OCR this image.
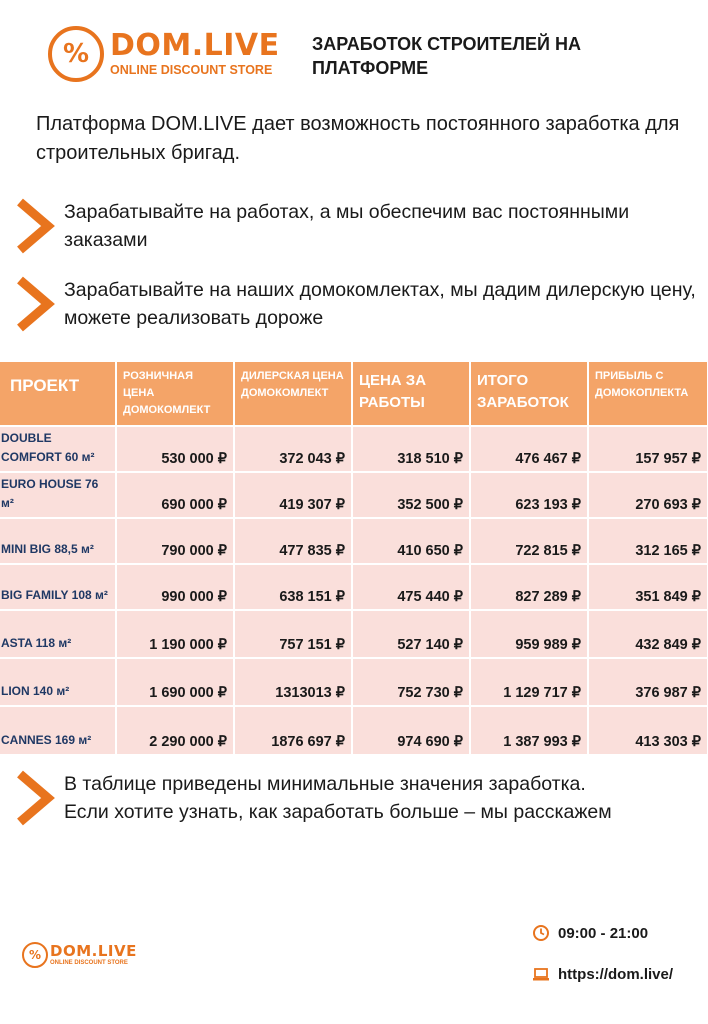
% DOM.LIVE
ONLINE DISCOUNT STORE
ЗАРАБОТОК СТРОИТЕЛЕЙ НА ПЛАТФОРМЕ
Платформа DOM.LIVE дает возможность постоянного заработка для строительных бригад.
Зарабатывайте на работах, а мы обеспечим вас постоянными заказами
Зарабатывайте на наших домокомлектах, мы дадим дилерскую цену, можете реализовать дороже
ПРОЕКТ	РОЗНИЧНАЯ ЦЕНА ДОМОКОМЛЕКТ	ДИЛЕРСКАЯ ЦЕНА ДОМОКОМЛЕКТ	ЦЕНА ЗА РАБОТЫ	ИТОГО ЗАРАБОТОК	ПРИБЫЛЬ С ДОМОКОПЛЕКТА
DOUBLE COMFORT 60 м²	530 000 ₽	372 043 ₽	318 510 ₽	476 467 ₽	157 957 ₽
EURO HOUSE 76 м²	690 000 ₽	419 307 ₽	352 500 ₽	623 193 ₽	270 693 ₽
MINI BIG 88,5 м²	790 000 ₽	477 835 ₽	410 650 ₽	722 815 ₽	312 165 ₽
BIG FAMILY 108 м²	990 000 ₽	638 151 ₽	475 440 ₽	827 289 ₽	351 849 ₽
ASTA 118 м²	1 190 000 ₽	757 151 ₽	527 140 ₽	959 989 ₽	432 849 ₽
LION 140 м²	1 690 000 ₽	1313013 ₽	752 730 ₽	1 129 717 ₽	376 987 ₽
CANNES 169 м²	2 290 000 ₽	1876 697 ₽	974 690 ₽	1 387 993 ₽	413 303 ₽
В таблице приведены минимальные значения заработка.
Если хотите узнать, как заработать больше – мы расскажем
% DOM.LIVE
ONLINE DISCOUNT STORE
09:00 - 21:00
https://dom.live/
